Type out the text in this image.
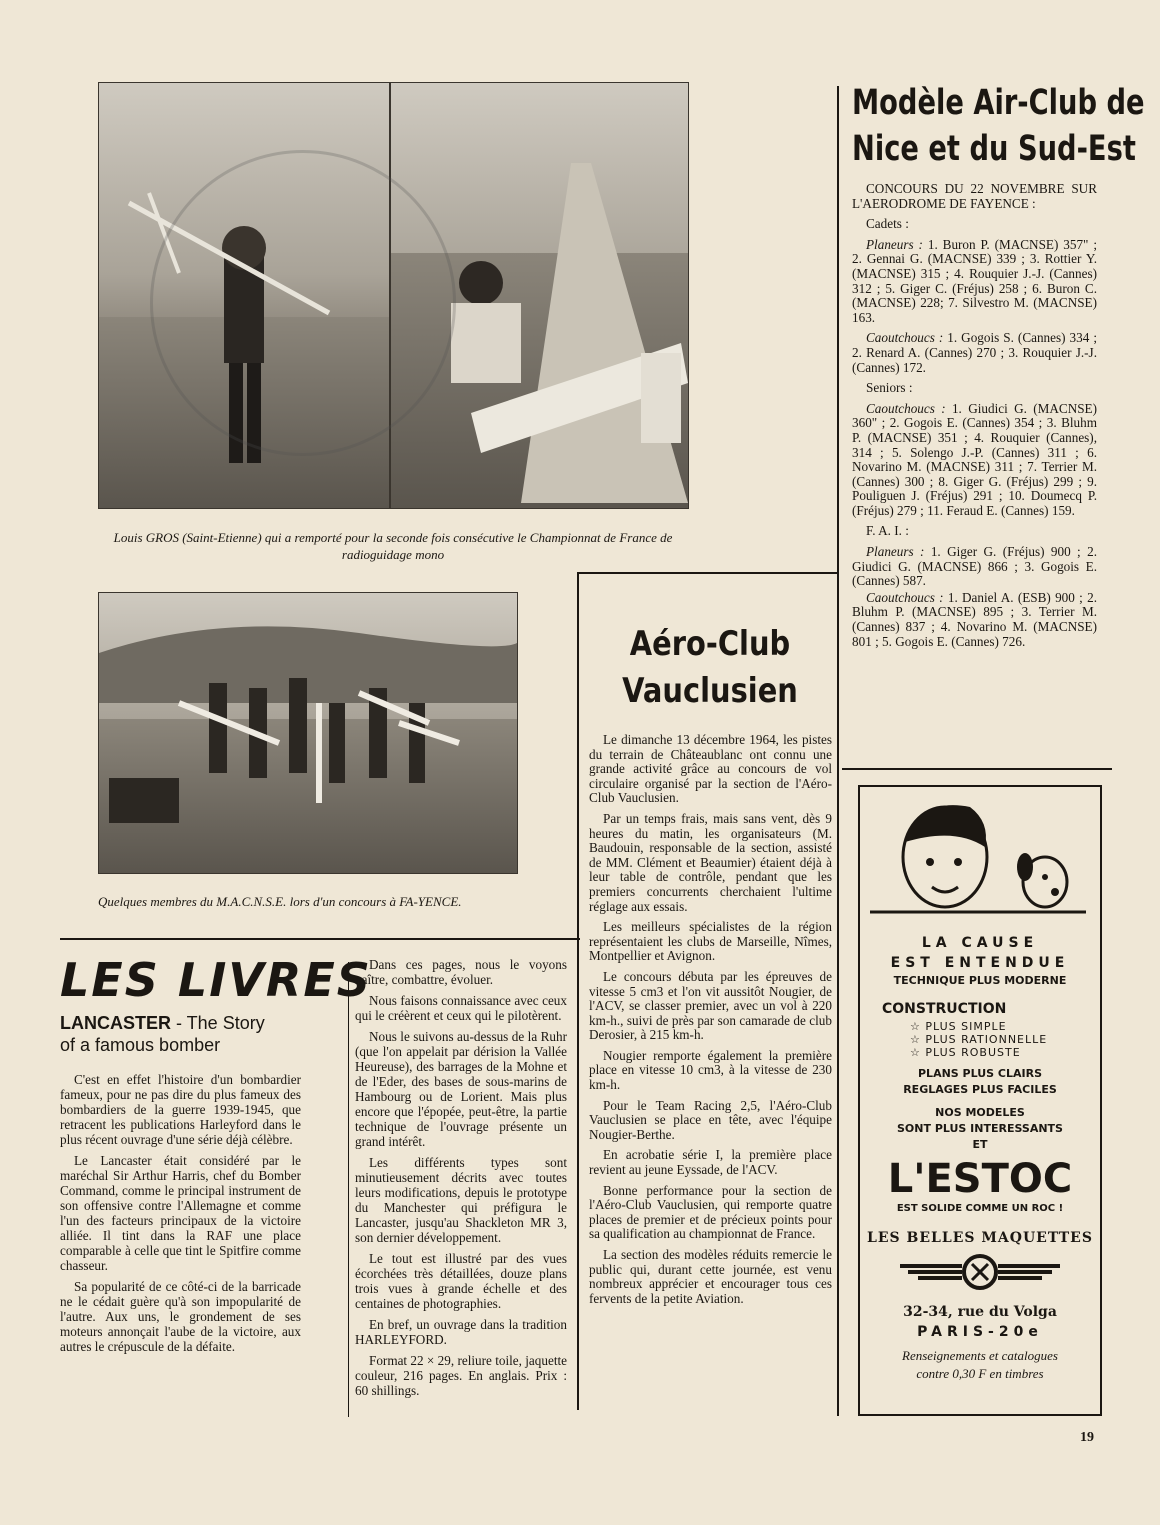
Louis GROS (Saint-Etienne) qui a remporté pour la seconde fois consécutive le Championnat de France de radioguidage mono
Quelques membres du M.A.C.N.S.E. lors d'un concours à FA-YENCE.
LES LIVRES
LANCASTER - The Story
of a famous bomber

C'est en effet l'histoire d'un bombardier fameux, pour ne pas dire du plus fameux des bombardiers de la guerre 1939-1945, que retracent les publications Harleyford dans le plus récent ouvrage d'une série déjà célèbre.

Le Lancaster était considéré par le maréchal Sir Arthur Harris, chef du Bomber Command, comme le principal instrument de son offensive contre l'Allemagne et comme l'un des facteurs principaux de la victoire alliée. Il tint dans la RAF une place comparable à celle que tint le Spitfire comme chasseur.

Sa popularité de ce côté-ci de la barricade ne le cédait guère qu'à son impopularité de l'autre. Aux uns, le grondement de ses moteurs annonçait l'aube de la victoire, aux autres le crépuscule de la défaite.

Dans ces pages, nous le voyons naître, combattre, évoluer.

Nous faisons connaissance avec ceux qui le créèrent et ceux qui le pilotèrent.

Nous le suivons au-dessus de la Ruhr (que l'on appelait par dérision la Vallée Heureuse), des barrages de la Mohne et de l'Eder, des bases de sous-marins de Hambourg ou de Lorient. Mais plus encore que l'épopée, peut-être, la partie technique de l'ouvrage présente un grand intérêt.

Les différents types sont minutieusement décrits avec toutes leurs modifications, depuis le prototype du Manchester qui préfigura le Lancaster, jusqu'au Shackleton MR 3, son dernier développement.

Le tout est illustré par des vues écorchées très détaillées, douze plans trois vues à grande échelle et des centaines de photographies.

En bref, un ouvrage dans la tradition HARLEYFORD.

Format 22 × 29, reliure toile, jaquette couleur, 216 pages. En anglais. Prix : 60 shillings.

Aéro-Club
Vauclusien

Le dimanche 13 décembre 1964, les pistes du terrain de Châteaublanc ont connu une grande activité grâce au concours de vol circulaire organisé par la section de l'Aéro-Club Vauclusien.

Par un temps frais, mais sans vent, dès 9 heures du matin, les organisateurs (M. Baudouin, responsable de la section, assisté de MM. Clément et Beaumier) étaient déjà à leur table de contrôle, pendant que les premiers concurrents cherchaient l'ultime réglage aux essais.

Les meilleurs spécialistes de la région représentaient les clubs de Marseille, Nîmes, Montpellier et Avignon.

Le concours débuta par les épreuves de vitesse 5 cm3 et l'on vit aussitôt Nougier, de l'ACV, se classer premier, avec un vol à 220 km-h., suivi de près par son camarade de club Derosier, à 215 km-h.

Nougier remporte également la première place en vitesse 10 cm3, à la vitesse de 230 km-h.

Pour le Team Racing 2,5, l'Aéro-Club Vauclusien se place en tête, avec l'équipe Nougier-Berthe.

En acrobatie série I, la première place revient au jeune Eyssade, de l'ACV.

Bonne performance pour la section de l'Aéro-Club Vauclusien, qui remporte quatre places de premier et de précieux points pour sa qualification au championnat de France.

La section des modèles réduits remercie le public qui, durant cette journée, est venu nombreux apprécier et encourager tous ces fervents de la petite Aviation.

Modèle Air-Club de
Nice et du Sud-Est

CONCOURS DU 22 NOVEMBRE SUR L'AERODROME DE FAYENCE :

Cadets :

Planeurs : 1. Buron P. (MACNSE) 357" ; 2. Gennai G. (MACNSE) 339 ; 3. Rottier Y. (MACNSE) 315 ; 4. Rouquier J.-J. (Cannes) 312 ; 5. Giger C. (Fréjus) 258 ; 6. Buron C. (MACNSE) 228; 7. Silvestro M. (MACNSE) 163.

Caoutchoucs : 1. Gogois S. (Cannes) 334 ; 2. Renard A. (Cannes) 270 ; 3. Rouquier J.-J. (Cannes) 172.

Seniors :

Caoutchoucs : 1. Giudici G. (MACNSE) 360" ; 2. Gogois E. (Cannes) 354 ; 3. Bluhm P. (MACNSE) 351 ; 4. Rouquier (Cannes), 314 ; 5. Solengo J.-P. (Cannes) 311 ; 6. Novarino M. (MACNSE) 311 ; 7. Terrier M. (Cannes) 300 ; 8. Giger G. (Fréjus) 299 ; 9. Pouliguen J. (Fréjus) 291 ; 10. Doumecq P. (Fréjus) 279 ; 11. Feraud E. (Cannes) 159.

F. A. I. :

Planeurs : 1. Giger G. (Fréjus) 900 ; 2. Giudici G. (MACNSE) 866 ; 3. Gogois E. (Cannes) 587.

Caoutchoucs : 1. Daniel A. (ESB) 900 ; 2. Bluhm P. (MACNSE) 895 ; 3. Terrier M. (Cannes) 837 ; 4. Novarino M. (MACNSE) 801 ; 5. Gogois E. (Cannes) 726.

LA CAUSE
EST ENTENDUE
TECHNIQUE PLUS MODERNE
CONSTRUCTION
☆ PLUS SIMPLE
☆ PLUS RATIONNELLE
☆ PLUS ROBUSTE
PLANS PLUS CLAIRS
REGLAGES PLUS FACILES
NOS MODELES
SONT PLUS INTERESSANTS
ET
L'ESTOC
EST SOLIDE COMME UN ROC !
LES BELLES MAQUETTES
32-34, rue du Volga
PARIS-20e
Renseignements et catalogues
contre 0,30 F en timbres
19
